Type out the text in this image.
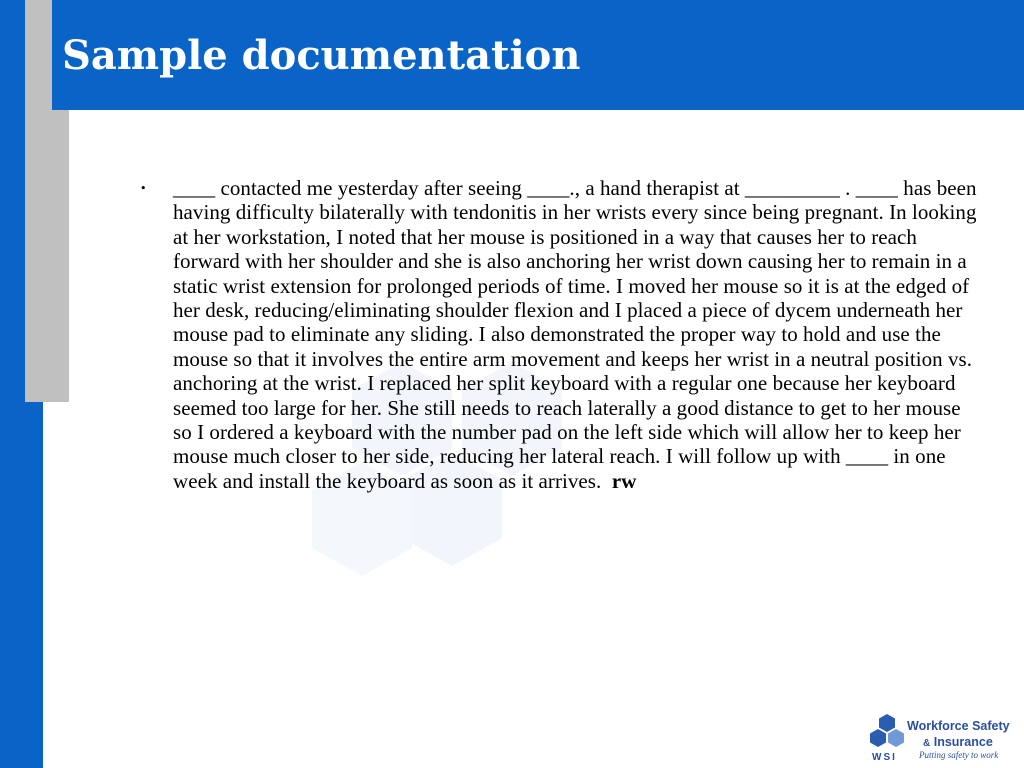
Sample documentation
• ____ contacted me yesterday after seeing ____., a hand therapist at _________ . ____ has been having difficulty bilaterally with tendonitis in her wrists every since being pregnant. In looking at her workstation, I noted that her mouse is positioned in a way that causes her to reach forward with her shoulder and she is also anchoring her wrist down causing her to remain in a static wrist extension for prolonged periods of time. I moved her mouse so it is at the edged of her desk, reducing/eliminating shoulder flexion and I placed a piece of dycem underneath her mouse pad to eliminate any sliding. I also demonstrated the proper way to hold and use the mouse so that it involves the entire arm movement and keeps her wrist in a neutral position vs. anchoring at the wrist. I replaced her split keyboard with a regular one because her keyboard seemed too large for her. She still needs to reach laterally a good distance to get to her mouse so I ordered a keyboard with the number pad on the left side which will allow her to keep her mouse much closer to her side, reducing her lateral reach. I will follow up with ____ in one week and install the keyboard as soon as it arrives. rw

Workforce Safety
& Insurance
WSI Putting safety to work
